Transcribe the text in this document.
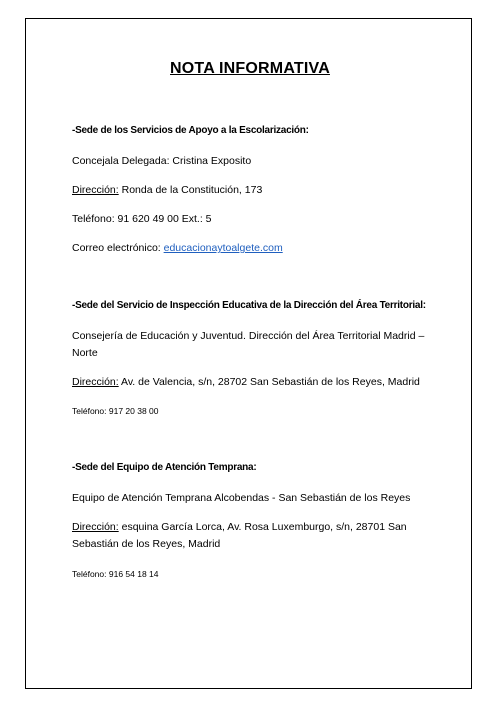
NOTA INFORMATIVA
-Sede de los Servicios de Apoyo a la Escolarización:
Concejala Delegada: Cristina Exposito
Dirección: Ronda de la Constitución, 173
Teléfono: 91 620 49 00 Ext.: 5
Correo electrónico: educacionaytoalgete.com
-Sede del Servicio de Inspección Educativa de la Dirección del Área Territorial:
Consejería de Educación y Juventud. Dirección del Área Territorial Madrid –
Norte
Dirección: Av. de Valencia, s/n, 28702 San Sebastián de los Reyes, Madrid
Teléfono: 917 20 38 00
-Sede del Equipo de Atención Temprana:
Equipo de Atención Temprana Alcobendas - San Sebastián de los Reyes
Dirección: esquina García Lorca, Av. Rosa Luxemburgo, s/n, 28701 San
Sebastián de los Reyes, Madrid
Teléfono: 916 54 18 14
